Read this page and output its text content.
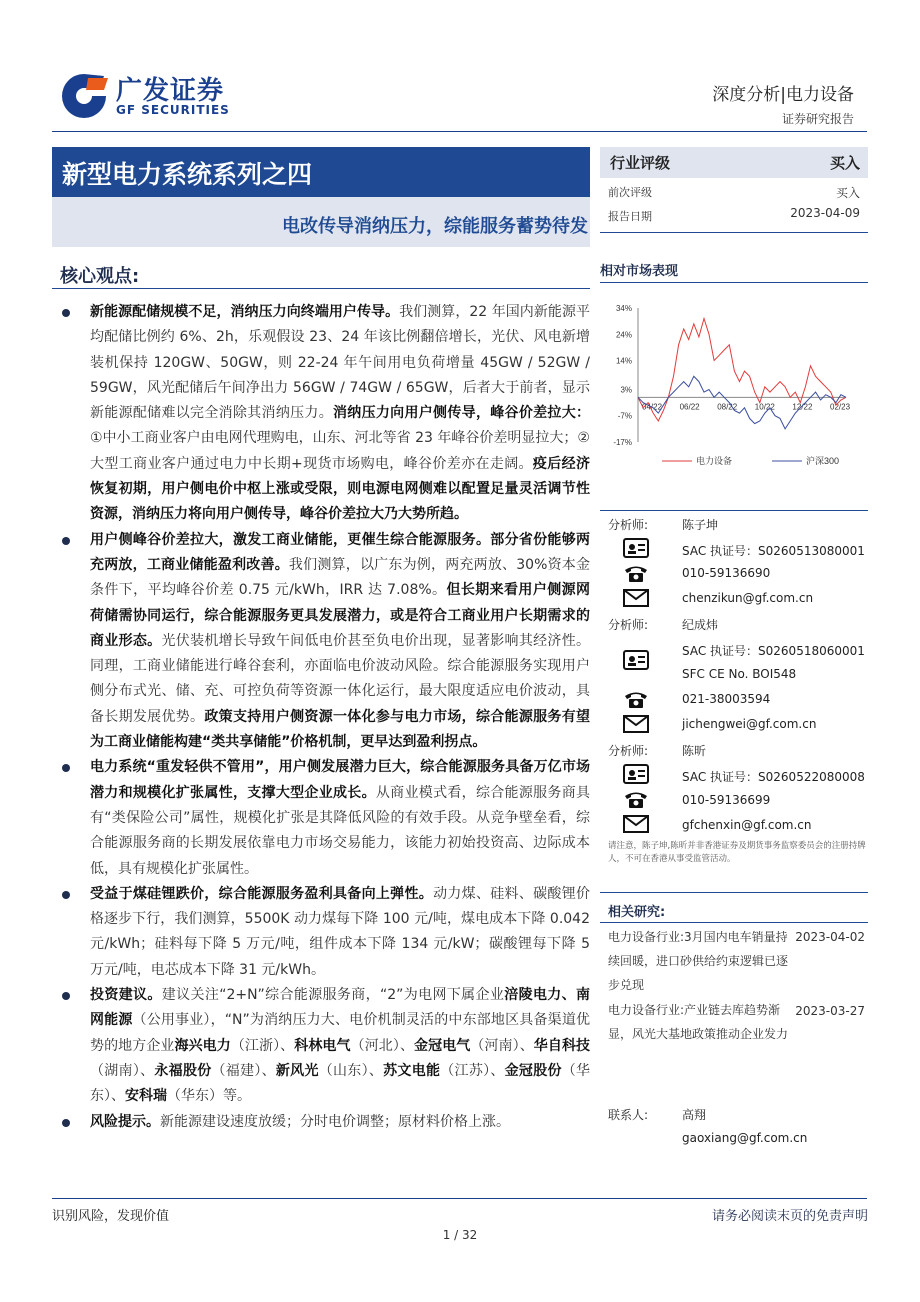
广发证券
GF SECURITIES
深度分析|电力设备
证券研究报告
新型电力系统系列之四
电改传导消纳压力，综能服务蓄势待发
行业评级	买入
前次评级	买入
报告日期	2023-04-09
相对市场表现
34%
24%
14%
3%
-7%
-17%
04/22 06/22 08/22 10/22 12/22 02/23
电力设备	沪深300
分析师:	陈子坤
SAC 执证号：S0260513080001
010-59136690
chenzikun@gf.com.cn
分析师:	纪成炜
SAC 执证号：S0260518060001
SFC CE No. BOI548
021-38003594
jichengwei@gf.com.cn
分析师:	陈昕
SAC 执证号：S0260522080008
010-59136699
gfchenxin@gf.com.cn
请注意，陈子坤,陈昕并非香港证券及期货事务监察委员会的注册持牌人，不可在香港从事受监管活动。
相关研究:
电力设备行业:3月国内电车销量持续回暖，进口砂供给约束逻辑已逐步兑现
2023-04-02
电力设备行业:产业链去库趋势渐显，风光大基地政策推动企业发力
2023-03-27
联系人:	高翔
gaoxiang@gf.com.cn
核心观点:
新能源配储规模不足，消纳压力向终端用户传导。我们测算，22 年国内新能源平均配储比例约 6%、2h，乐观假设 23、24 年该比例翻倍增长，光伏、风电新增装机保持 120GW、50GW，则 22-24 年午间用电负荷增量 45GW / 52GW / 59GW，风光配储后午间净出力 56GW / 74GW / 65GW，后者大于前者，显示新能源配储难以完全消除其消纳压力。消纳压力向用户侧传导，峰谷价差拉大：①中小工商业客户由电网代理购电，山东、河北等省 23 年峰谷价差明显拉大；②大型工商业客户通过电力中长期+现货市场购电，峰谷价差亦在走阔。疫后经济恢复初期，用户侧电价中枢上涨或受限，则电源电网侧难以配置足量灵活调节性资源，消纳压力将向用户侧传导，峰谷价差拉大乃大势所趋。
用户侧峰谷价差拉大，激发工商业储能，更催生综合能源服务。部分省份能够两充两放，工商业储能盈利改善。我们测算，以广东为例，两充两放、30%资本金条件下，平均峰谷价差 0.75 元/kWh，IRR 达 7.08%。但长期来看用户侧源网荷储需协同运行，综合能源服务更具发展潜力，或是符合工商业用户长期需求的商业形态。光伏装机增长导致午间低电价甚至负电价出现，显著影响其经济性。同理，工商业储能进行峰谷套利，亦面临电价波动风险。综合能源服务实现用户侧分布式光、储、充、可控负荷等资源一体化运行，最大限度适应电价波动，具备长期发展优势。政策支持用户侧资源一体化参与电力市场，综合能源服务有望为工商业储能构建“类共享储能”价格机制，更早达到盈利拐点。
电力系统“重发轻供不管用”，用户侧发展潜力巨大，综合能源服务具备万亿市场潜力和规模化扩张属性，支撑大型企业成长。从商业模式看，综合能源服务商具有“类保险公司”属性，规模化扩张是其降低风险的有效手段。从竞争壁垒看，综合能源服务商的长期发展依靠电力市场交易能力，该能力初始投资高、边际成本低，具有规模化扩张属性。
受益于煤硅锂跌价，综合能源服务盈利具备向上弹性。动力煤、硅料、碳酸锂价格逐步下行，我们测算，5500K 动力煤每下降 100 元/吨，煤电成本下降 0.042 元/kWh；硅料每下降 5 万元/吨，组件成本下降 134 元/kW；碳酸锂每下降 5 万元/吨，电芯成本下降 31 元/kWh。
投资建议。建议关注“2+N”综合能源服务商，“2”为电网下属企业涪陵电力、南网能源（公用事业），“N”为消纳压力大、电价机制灵活的中东部地区具备渠道优势的地方企业海兴电力（江浙）、科林电气（河北）、金冠电气（河南）、华自科技（湖南）、永福股份（福建）、新风光（山东）、苏文电能（江苏）、金冠股份（华东）、安科瑞（华东）等。
风险提示。新能源建设速度放缓；分时电价调整；原材料价格上涨。
识别风险，发现价值	请务必阅读末页的免责声明
1 / 32
